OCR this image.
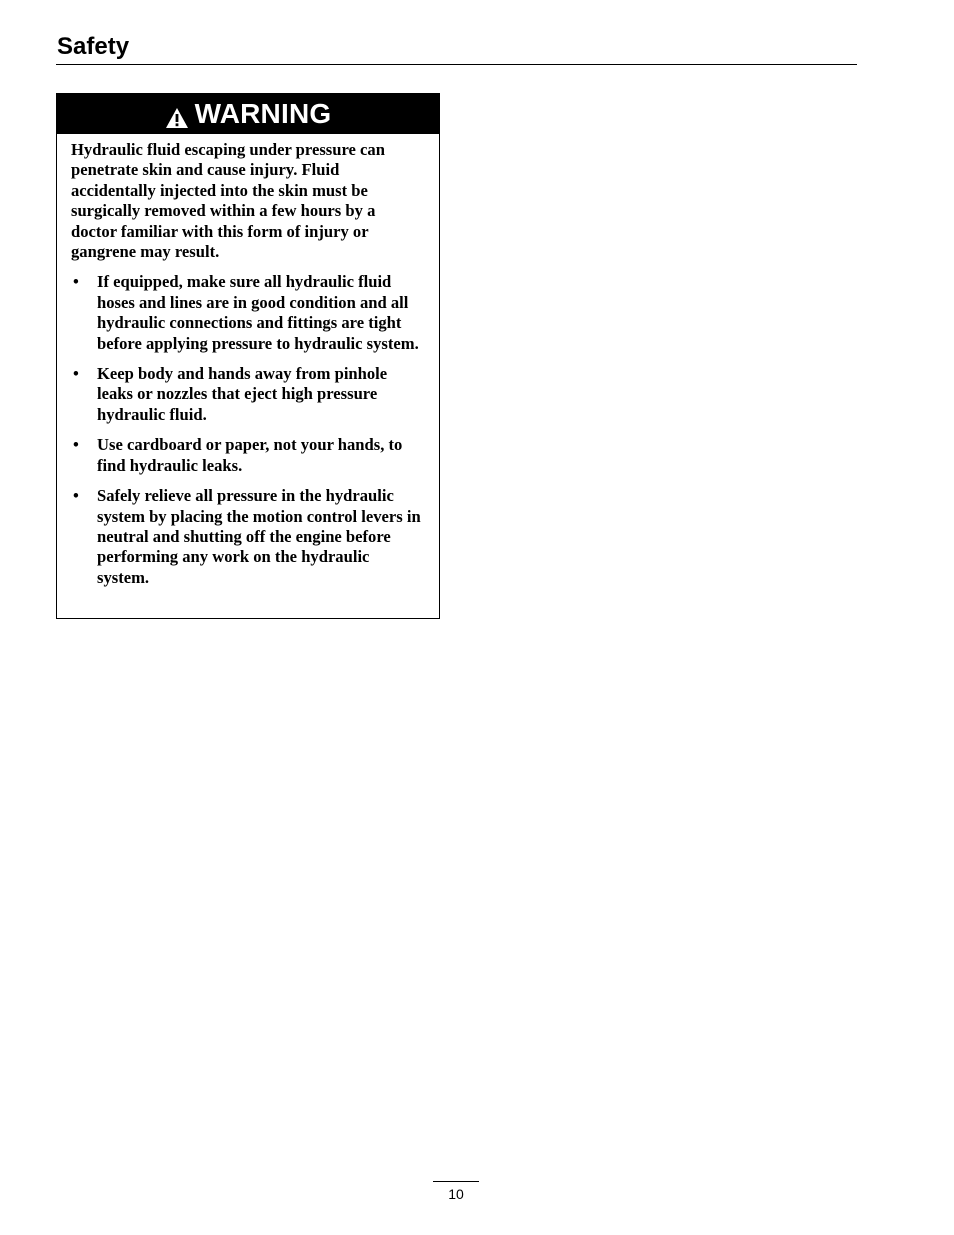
Safety
WARNING

Hydraulic fluid escaping under pressure can penetrate skin and cause injury. Fluid accidentally injected into the skin must be surgically removed within a few hours by a doctor familiar with this form of injury or gangrene may result.

• If equipped, make sure all hydraulic fluid hoses and lines are in good condition and all hydraulic connections and fittings are tight before applying pressure to hydraulic system.
• Keep body and hands away from pinhole leaks or nozzles that eject high pressure hydraulic fluid.
• Use cardboard or paper, not your hands, to find hydraulic leaks.
• Safely relieve all pressure in the hydraulic system by placing the motion control levers in neutral and shutting off the engine before performing any work on the hydraulic system.
10
